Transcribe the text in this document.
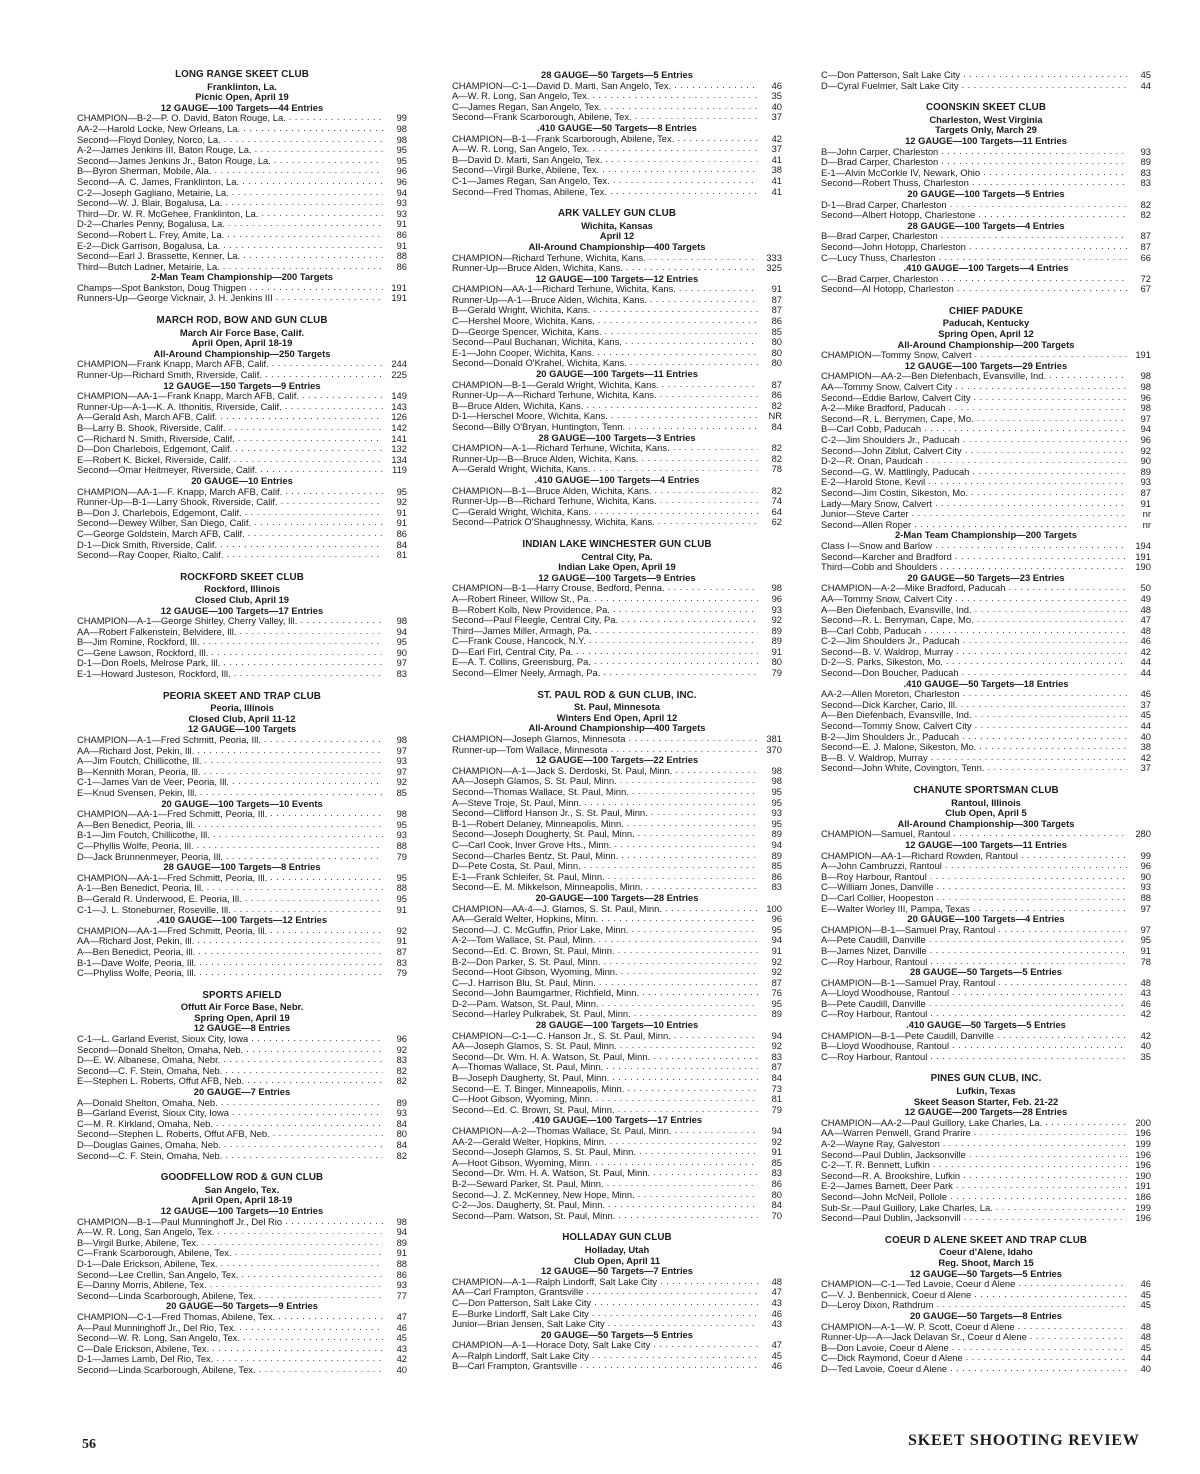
LONG RANGE SKEET CLUB
Franklinton, La.
Picnic Open, April 19
12 GAUGE—100 Targets—44 Entries
CHAMPION—B-2—P. O. David, Baton Rouge, La. . . .	99
AA-2—Harold Locke, New Orleans, La. . . .	98
Second—Floyd Donley, Norco, La. . . .	98
A-2—James Jenkins III, Baton Rouge, La. . . .	95
Second—James Jenkins Jr., Baton Rouge, La. . . .	95
B—Byron Sherman, Mobile, Ala. . . .	96
Second—A. C. James, Franklinton, La. . . .	96
C-2—Joseph Gagliano, Metairie, La. . . .	94
Second—W. J. Blair, Bogalusa, La. . . .	93
Third—Dr. W. R. McGehee, Franklinton, La. . . .	93
D-2—Charles Penny, Bogalusa, La. . . .	91
Second—Robert L. Frey, Amite, La. . . .	86
E-2—Dick Garrison, Bogalusa, La. . . .	91
Second—Earl J. Brassette, Kenner, La. . . .	88
Third—Butch Ladner, Metairie, La. . . .	86
2-Man Team Championship—200 Targets
Champs—Spot Bankston, Doug Thigpen . . .	191
Runners-Up—George Vicknair, J. H. Jenkins III . . .	191
MARCH ROD, BOW AND GUN CLUB
March Air Force Base, Calif.
April Open, April 18-19
All-Around Championship—250 Targets
CHAMPION—Frank Knapp, March AFB, Calif. . . .	244
Runner-Up—Richard Smith, Riverside, Calif. . . .	225
12 GAUGE—150 Targets—9 Entries
CHAMPION—AA-1—Frank Knapp, March AFB, Calif. . . .	149
Runner-Up—A-1—K. A. Ithonitis, Riverside, Calif. . . .	143
A—Gerald Ash, March AFB, Calif. . . .	126
B—Larry B. Shook, Riverside, Calif. . . .	142
C—Richard N. Smith, Riverside, Calif. . . .	141
D—Don Charlebois, Edgemont, Calif. . . .	132
E—Robert K. Bickel, Riverside, Calif. . . .	134
Second—Omar Heitmeyer, Riverside, Calif. . . .	119
20 GAUGE—10 Entries
CHAMPION—AA-1—F. Knapp, March AFB, Calif. . . .	95
Runner-Up—B-1—Larry Shook, Riverside, Calif. . . .	92
B—Don J. Charlebois, Edgemont, Calif. . . .	91
Second—Dewey Wilber, San Diego, Calif. . . .	91
C—George Goldstein, March AFB, Calif. . . .	86
D-1—Dick Smith, Riverside, Calif. . . .	84
Second—Ray Cooper, Rialto, Calif. . . .	81
ROCKFORD SKEET CLUB
Rockford, Illinois
Closed Club, April 19
12 GAUGE—100 Targets—17 Entries
CHAMPION—A-1—George Shirley, Cherry Valley, Ill. . . .	98
AA—Robert Falkenstein, Belvidere, Ill. . . .	94
B—Jim Romine, Rockford, Ill. . . .	95
C—Gene Lawson, Rockford, Ill. . . .	90
D-1—Don Roels, Melrose Park, Ill. . . .	97
E-1—Howard Justeson, Rockford, Ill. . . .	83
PEORIA SKEET AND TRAP CLUB
Peoria, Illinois
Closed Club, April 11-12
12 GAUGE—100 Targets
CHAMPION—A-1—Fred Schmitt, Peoria, Ill. . . .	98
AA—Richard Jost, Pekin, Ill. . . .	97
A—Jim Foutch, Chillicothe, Ill. . . .	93
B—Kennith Moran, Peoria, Ill. . . .	97
C-1—James Van de Veer, Peoria, Ill. . . .	92
E—Knud Svensen, Pekin, Ill. . . .	85
20 GAUGE—100 Targets—10 Events
CHAMPION—AA-1—Fred Schmitt, Peoria, Ill. . . .	98
A—Ben Benedict, Peoria, Ill. . . .	95
B-1—Jim Foutch, Chillicothe, Ill. . . .	93
C—Phyllis Wolfe, Peoria, Ill. . . .	88
D—Jack Brunnenmeyer, Peoria, Ill. . . .	79
28 GAUGE—100 Targets—8 Entries
CHAMPION—AA-1—Fred Schmitt, Peoria, Ill. . . .	95
A-1—Ben Benedict, Peoria, Ill. . . .	88
B—Gerald R. Underwood, E. Peoria, Ill. . . .	95
C-1—J. L. Stoneburner, Roseville, Ill. . . .	91
.410 GAUGE—100 Targets—12 Entries
CHAMPION—AA-1—Fred Schmitt, Peoria, Ill. . . .	92
AA—Richard Jost, Pekin, Ill. . . .	91
A—Ben Benedict, Peoria, Ill. . . .	87
B-1—Dave Wolfe, Peoria, Ill. . . .	83
C—Phyliss Wolfe, Peoria, Ill. . . .	79
SPORTS AFIELD
Offutt Air Force Base, Nebr.
Spring Open, April 19
12 GAUGE—8 Entries
C-1—L. Garland Everist, Sioux City, Iowa . . .	96
Second—Donald Shelton, Omaha, Neb. . . .	92
D—E. W. Albanese, Omaha, Nebr. . . .	83
Second—C. F. Stein, Omaha, Neb. . . .	82
E—Stephen L. Roberts, Offut AFB, Neb. . . .	82
20 GAUGE—7 Entries
A—Donald Shelton, Omaha, Neb. . . .	89
B—Garland Everist, Sioux City, Iowa . . .	93
C—M. R. Kirkland, Omaha, Neb. . . .	84
Second—Stephen L. Roberts, Offut AFB, Neb. . . .	80
D—Douglas Gaines, Omaha, Neb. . . .	84
Second—C. F. Stein, Omaha, Neb. . . .	82
GOODFELLOW ROD & GUN CLUB
San Angelo, Tex.
April Open, April 18-19
12 GAUGE—100 Targets—10 Entries
CHAMPION—B-1—Paul Munninghoff Jr., Del Rio . . .	98
A—W. R. Long, San Angelo, Tex. . . .	94
B—Virgil Burke, Abilene, Tex. . . .	89
C—Frank Scarborough, Abilene, Tex. . . .	91
D-1—Dale Erickson, Abilene, Tex. . . .	88
Second—Lee Crellin, San Angelo, Tex. . . .	86
E—Danny Morris, Abilene, Tex. . . .	93
Second—Linda Scarborough, Abilene, Tex. . . .	77
20 GAUGE—50 Targets—9 Entries
CHAMPION—C-1—Fred Thomas, Abilene, Tex. . . .	47
A—Paul Munninghoff Jr., Del Rio, Tex. . . .	46
Second—W. R. Long, San Angelo, Tex. . . .	45
C—Dale Erickson, Abilene, Tex. . . .	43
D-1—James Lamb, Del Rio, Tex. . . .	42
Second—Linda Scarborough, Abilene, Tex. . . .	40
28 GAUGE—50 Targets—5 Entries
CHAMPION—C-1—David D. Marti, San Angelo, Tex. . . .	46
A—W. R. Long, San Angelo, Tex. . . .	35
C—James Regan, San Angelo, Tex. . . .	40
Second—Frank Scarborough, Abilene, Tex. . . .	37
.410 GAUGE—50 Targets—8 Entries
CHAMPION—B-1—Frank Scarborough, Abilene, Tex. . . .	42
A—W. R. Long, San Angelo, Tex. . . .	37
B—David D. Marti, San Angelo, Tex. . . .	41
Second—Virgil Burke, Abilene, Tex. . . .	38
C-1—James Regan, San Angelo, Tex. . . .	41
Second—Fred Thomas, Abilene, Tex. . . .	41
ARK VALLEY GUN CLUB
Wichita, Kansas
April 12
All-Around Championship—400 Targets
CHAMPION—Richard Terhune, Wichita, Kans. . . .	333
Runner-Up—Bruce Alden, Wichita, Kans. . . .	325
12 GAUGE—100 Targets—12 Entries
CHAMPION—AA-1—Richard Terhune, Wichita, Kans. . . .	91
Runner-Up—A-1—Bruce Alden, Wichita, Kans. . . .	87
B—Gerald Wright, Wichita, Kans. . . .	87
C—Hershel Moore, Wichita, Kans. . . .	86
D—George Spencer, Wichita, Kans. . . .	85
Second—Paul Buchanan, Wichita, Kans. . . .	80
E-1—John Cooper, Wichita, Kans. . . .	80
Second—Donald O'Krahel, Wichita, Kans. . . .	80
20 GAUGE—100 Targets—11 Entries
CHAMPION—B-1—Gerald Wright, Wichita, Kans. . . .	87
Runner-Up—A—Richard Terhune, Wichita, Kans. . . .	86
B—Bruce Alden, Wichita, Kans. . . .	82
D-1—Herschel Moore, Wichita, Kans. . . .	NR
Second—Billy O'Bryan, Huntington, Tenn. . . .	84
28 GAUGE—100 Targets—3 Entries
CHAMPION—A-1—Richard Terhune, Wichita, Kans. . . .	82
Runner-Up—B—Bruce Alden, Wichita, Kans. . . .	82
A—Gerald Wright, Wichita, Kans. . . .	78
.410 GAUGE—100 Targets—4 Entries
CHAMPION—B-1—Bruce Alden, Wichita, Kans. . . .	82
Runner-Up—B—Richard Terhune, Wichita, Kans. . . .	74
C—Gerald Wright, Wichita, Kans. . . .	64
Second—Patrick O'Shaughnessy, Wichita, Kans. . . .	62
INDIAN LAKE WINCHESTER GUN CLUB
Central City, Pa.
Indian Lake Open, April 19
12 GAUGE—100 Targets—9 Entries
CHAMPION—B-1—Harry Crouse, Bedford, Penna. . . .	98
A—Robert Rineer, Willow St., Pa. . . .	96
B—Robert Kolb, New Providence, Pa. . . .	93
Second—Paul Fleegle, Central City, Pa. . . .	92
Third—James Miller, Armagh, Pa. . . .	89
C—Frank Couse, Hancock, N.Y. . . .	89
D—Earl Firl, Central City, Pa. . . .	91
E—A. T. Collins, Greensburg, Pa. . . .	80
Second—Elmer Neely, Armagh, Pa. . . .	79
ST. PAUL ROD & GUN CLUB, INC.
St. Paul, Minnesota
Winters End Open, April 12
All-Around Championship—400 Targets
CHAMPION—Joseph Glamos, Minnesota . . .	381
Runner-up—Tom Wallace, Minnesota . . .	370
12 GAUGE—100 Targets—22 Entries
CHAMPION—A-1—Jack S. Derdoski, St. Paul, Minn. . . .	98
AA—Joseph Glamos, S. St. Paul, Minn. . . .	98
Second—Thomas Wallace, St. Paul, Minn. . . .	95
A—Steve Troje, St. Paul, Minn. . . .	95
Second—Clifford Hanson Jr., S. St. Paul, Minn. . . .	93
B-1—Robert Delaney, Minneapolis, Minn. . . .	95
Second—Joseph Dougherty, St. Paul, Minn. . . .	89
C—Carl Cook, Inver Grove Hts., Minn. . . .	94
Second—Charles Bentz, St. Paul, Minn. . . .	89
D—Pete Costa, St. Paul, Minn. . . .	85
E-1—Frank Schleifer, St. Paul, Minn. . . .	86
Second—E. M. Mikkelson, Minneapolis, Minn. . . .	83
20-GAUGE—100 Targets—28 Entries
CHAMPION—AA-4—J. Glamos, S. St. Paul, Minn. . . .	100
AA—Gerald Welter, Hopkins, Minn. . . .	96
Second—J. C. McGuffin, Prior Lake, Minn. . . .	95
A-2—Tom Wallace, St. Paul, Minn. . . .	94
Second—Ed. C. Brown, St. Paul, Minn. . . .	91
B-2—Don Parker, S. St. Paul, Minn. . . .	92
Second—Hoot Gibson, Wyoming, Minn. . . .	92
C—J. Harrison Blu, St. Paul, Minn. . . .	87
Second—John Baumgartner, Richfield, Minn. . . .	76
D-2—Pam. Watson, St. Paul, Minn. . . .	95
Second—Harley Pulkrabek, St. Paul, Minn. . . .	89
28 GAUGE—100 Targets—10 Entries
CHAMPION—C-1—C. Hanson Jr., S. St. Paul, Minn. . . .	94
AA—Joseph Glamos, S. St. Paul, Minn. . . .	92
Second—Dr. Wm. H. A. Watson, St. Paul, Minn. . . .	83
A—Thomas Wallace, St. Paul, Minn. . . .	87
B—Joseph Daugherty, St. Paul, Minn. . . .	84
Second—E. T. Binger, Minneapolis, Minn. . . .	73
C—Hoot Gibson, Wyoming, Minn. . . .	81
Second—Ed. C. Brown, St. Paul, Minn. . . .	79
.410 GAUGE—100 Targets—17 Entries
CHAMPION—A-2—Thomas Wallace, St. Paul, Minn. . . .	94
AA-2—Gerald Welter, Hopkins, Minn. . . .	92
Second—Joseph Glamos, S. St. Paul, Minn. . . .	91
A—Hoot Gibson, Wyoming, Minn. . . .	85
Second—Dr. Wm. H. A. Watson, St. Paul, Minn. . . .	83
B-2—Seward Parker, St. Paul, Minn. . . .	86
Second—J. Z. McKenney, New Hope, Minn. . . .	80
C-2—Jos. Daugherty, St. Paul, Minn. . . .	84
Second—Pam. Watson, St. Paul, Minn. . . .	70
HOLLADAY GUN CLUB
Holladay, Utah
Club Open, April 11
12 GAUGE—50 Targets—7 Entries
CHAMPION—A-1—Ralph Lindorff, Salt Lake City . . .	48
AA—Carl Frampton, Grantsville . . .	47
C—Don Patterson, Salt Lake City . . .	43
E—Burke Lindorff, Salt Lake City . . .	46
Junior—Brian Jensen, Salt Lake City . . .	43
20 GAUGE—50 Targets—5 Entries
CHAMPION—A-1—Horace Doty, Salt Lake City . . .	47
A—Ralph Lindorff, Salt Lake City . . .	45
B—Carl Frampton, Grantsville . . .	46
C—Don Patterson, Salt Lake City . . .	45
D—Cyral Fuelmer, Salt Lake City . . .	44
COONSKIN SKEET CLUB
Charleston, West Virginia
Targets Only, March 29
12 GAUGE—100 Targets—11 Entries
B—John Carper, Charleston . . .	93
D—Brad Carper, Charleston . . .	89
E-1—Alvin McCorkle IV, Newark, Ohio . . .	83
Second—Robert Thuss, Charleston . . .	83
20 GAUGE—100 Targets—5 Entries
D-1—Brad Carper, Charleston . . .	82
Second—Albert Hotopp, Charlestone . . .	82
28 GAUGE—100 Targets—4 Entries
B—Brad Carper, Charleston . . .	87
Second—John Hotopp, Charleston . . .	87
C—Lucy Thuss, Charleston . . .	66
.410 GAUGE—100 Targets—4 Entries
C—Brad Carper, Charleston . . .	72
Second—Al Hotopp, Charleston . . .	67
CHIEF PADUKE
Paducah, Kentucky
Spring Open, April 12
All-Around Championship—200 Targets
CHAMPION—Tommy Snow, Calvert . . .	191
12 GAUGE—100 Targets—29 Entries
CHAMPION—AA-2—Ben Diefenbach, Evansville, Ind. . . .	98
AA—Tommy Snow, Calvert City . . .	98
Second—Eddie Barlow, Calvert City . . .	96
A-2—Mike Bradford, Paducah . . .	98
Second—R. L. Berrymen, Cape, Mo. . . .	97
B—Carl Cobb, Paducah . . .	94
C-2—Jim Shoulders Jr., Paducah . . .	96
Second—John Ziblut, Calvert City . . .	92
D-2—R. Onan, Paudcah . . .	90
Second—G. W. Mattlingly, Paducah . . .	89
E-2—Harold Stone, Kevil . . .	93
Second—Jim Costin, Sikeston, Mo. . . .	87
Lady—Mary Snow, Calvert . . .	91
Junior—Steve Carter . . .	nr
Second—Allen Roper . . .	nr
2-Man Team Championship—200 Targets
Class I—Snow and Barlow . . .	194
Second—Karcher and Bradford . . .	191
Third—Cobb and Shoulders . . .	190
20 GAUGE—50 Targets—23 Entries
CHAMPION—A-2—Mike Bradford, Paducah . . .	50
AA—Tommy Snow, Calvert City . . .	49
A—Ben Diefenbach, Evansville, Ind. . . .	48
Second—R. L. Berryman, Cape, Mo. . . .	47
B—Carl Cobb, Paducah . . .	48
C-2—Jim Shoulders Jr., Paducah . . .	46
Second—B. V. Waldrop, Murray . . .	42
D-2—S. Parks, Sikeston, Mo. . . .	44
Second—Don Boucher, Paducah . . .	44
.410 GAUGE—50 Targets—18 Entries
AA-2—Allen Moreton, Charleston . . .	46
Second—Dick Karcher, Cario, Ill. . . .	37
A—Ben Diefenbach, Evansville, Ind. . . .	45
Second—Tommy Snow, Calvert City . . .	44
B-2—Jim Shoulders Jr., Paducah . . .	40
Second—E. J. Malone, Sikeston, Mo. . . .	38
B—B. V. Waldrop, Murray . . .	42
Second—John White, Covington, Tenn. . . .	37
CHANUTE SPORTSMAN CLUB
Rantoul, Illinois
Club Open, April 5
All-Around Championship—300 Targets
CHAMPION—Samuel, Rantoul . . .	280
12 GAUGE—100 Targets—11 Entries
CHAMPION—AA-1—Richard Rowden, Rantoul . . .	99
A—John Cambruzzi, Rantoul . . .	96
B—Roy Harbour, Rantoul . . .	90
C—William Jones, Danville . . .	93
D—Carl Collier, Hoopeston . . .	88
E—Walter Worley III, Pampa, Texas . . .	97
20 GAUGE—100 Targets—4 Entries
CHAMPION—B-1—Samuel Pray, Rantoul . . .	97
A—Pete Caudill, Danville . . .	95
B—James Nizet, Danville . . .	91
C—Roy Harbour, Rantoul . . .	78
28 GAUGE—50 Targets—5 Entries
CHAMPION—B-1—Samuel Pray, Rantoul . . .	48
A—Lloyd Woodhouse, Rantoul . . .	43
B—Pete Caudill, Danville . . .	46
C—Roy Harbour, Rantoul . . .	42
.410 GAUGE—50 Targets—5 Entries
CHAMPION—B-1—Pete Caudill, Danville . . .	42
B—Lloyd Woodhouse, Rantoul . . .	40
C—Roy Harbour, Rantoul . . .	35
PINES GUN CLUB, INC.
Lufkin, Texas
Skeet Season Starter, Feb. 21-22
12 GAUGE—200 Targets—28 Entries
CHAMPION—AA-2—Paul Guillory, Lake Charles, La. . . .	200
AA—Warren Penwell, Grand Prarire . . .	196
A-2—Wayne Ray, Galveston . . .	199
Second—Paul Dublin, Jacksonville . . .	196
C-2—T. R. Bennett, Lufkin . . .	196
Second—R. A. Brookshire, Lufkin . . .	190
E-2—James Barnett, Deer Park . . .	191
Second—John McNeil, Pollole . . .	186
Sub-Sr.—Paul Guillory, Lake Charles, La. . . .	199
Second—Paul Dublin, Jacksonvill . . .	196
COEUR D ALENE SKEET AND TRAP CLUB
Coeur d'Alene, Idaho
Reg. Shoot, March 15
12 GAUGE—50 Targets—5 Entries
CHAMPION—C-1—Ted Lavoie, Coeur d Alene . . .	46
C—V. J. Benbennick, Coeur d Alene . . .	45
D—Leroy Dixon, Rathdrum . . .	45
20 GAUGE—50 Targets—8 Entries
CHAMPION—A-1—W. P. Scott, Coeur d Alene . . .	48
Runner-Up—A—Jack Delavan Sr., Coeur d Alene . . .	48
B—Don Lavoie, Coeur d Alene . . .	45
C—Dick Raymond, Coeur d Alene . . .	44
D—Ted Lavoie, Coeur d Alene . . .	40
56	SKEET SHOOTING REVIEW
